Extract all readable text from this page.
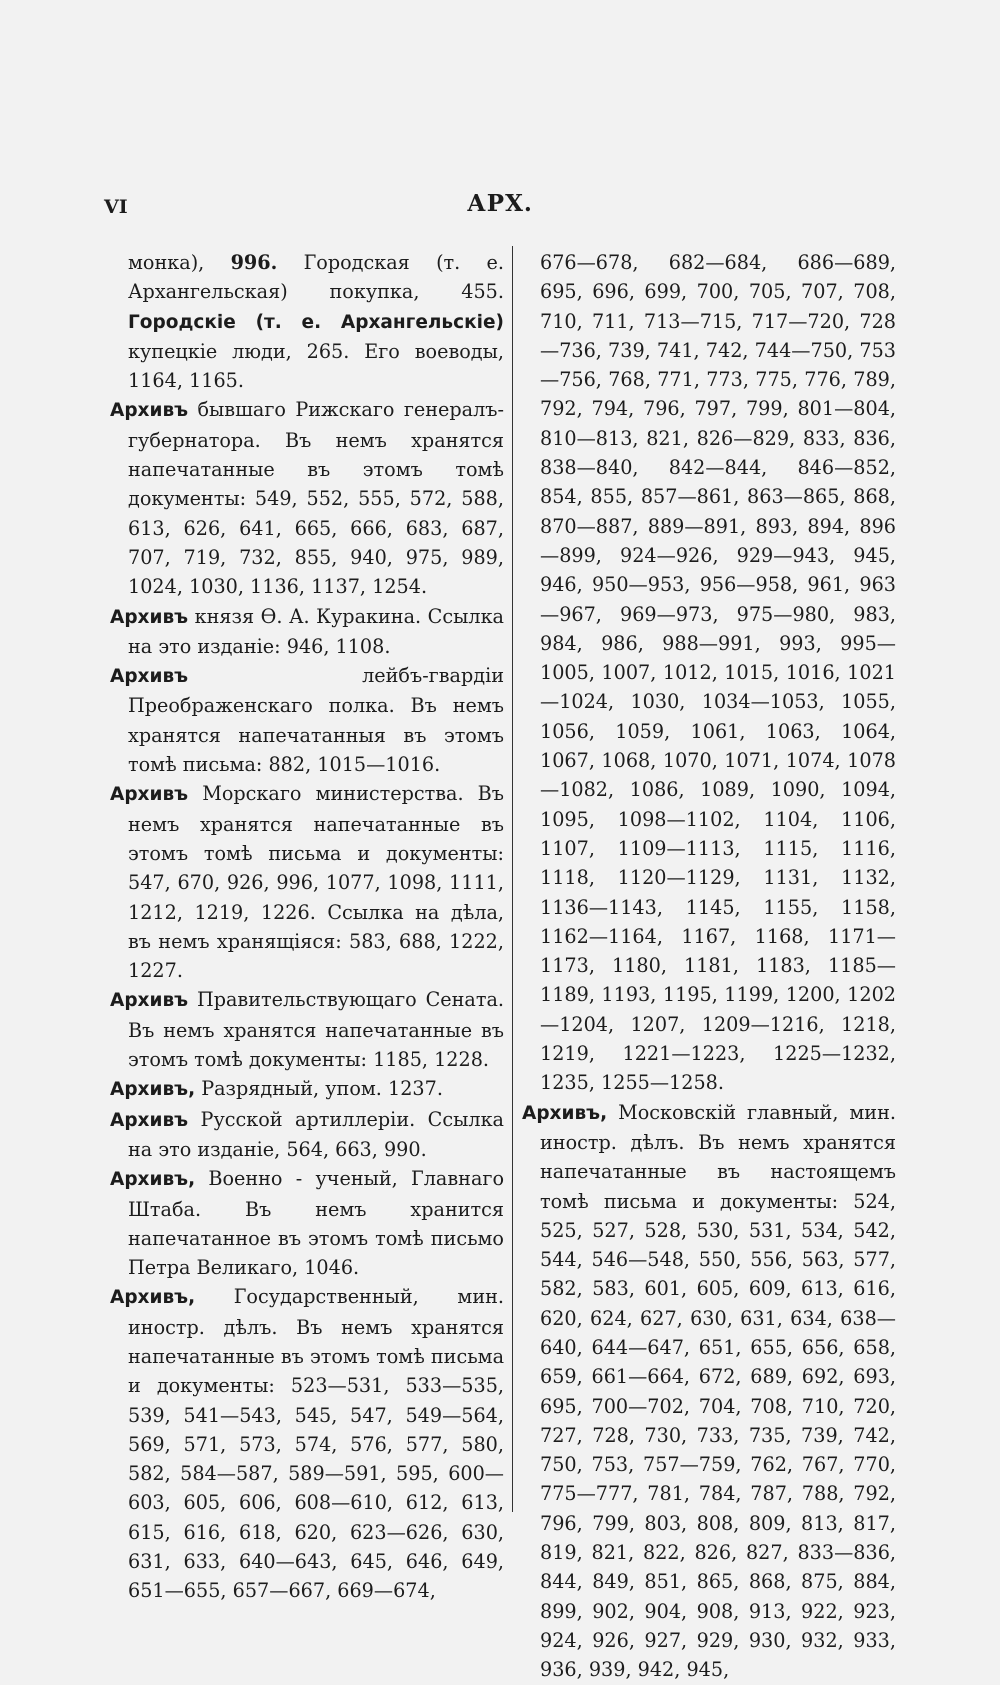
VI	АРХ.

монка), 996. Городская (т. е. Архангельская) покупка, 455. Городскіе (т. е. Архангельскіе) купецкіе люди, 265. Его воеводы, 1164, 1165.

Архивъ бывшаго Рижскаго генералъ-губернатора. Въ немъ хранятся напечатанные въ этомъ томѣ документы: 549, 552, 555, 572, 588, 613, 626, 641, 665, 666, 683, 687, 707, 719, 732, 855, 940, 975, 989, 1024, 1030, 1136, 1137, 1254.

Архивъ князя Ѳ. А. Куракина. Ссылка на это изданіе: 946, 1108.

Архивъ лейбъ-гвардіи Преображенскаго полка. Въ немъ хранятся напечатанныя въ этомъ томѣ письма: 882, 1015—1016.

Архивъ Морскаго министерства. Въ немъ хранятся напечатанные въ этомъ томѣ письма и документы: 547, 670, 926, 996, 1077, 1098, 1111, 1212, 1219, 1226. Ссылка на дѣла, въ немъ хранящіяся: 583, 688, 1222, 1227.

Архивъ Правительствующаго Сената. Въ немъ хранятся напечатанные въ этомъ томѣ документы: 1185, 1228.

Архивъ, Разрядный, упом. 1237.

Архивъ Русской артиллеріи. Ссылка на это изданіе, 564, 663, 990.

Архивъ, Военно - ученый, Главнаго Штаба. Въ немъ хранится напечатанное въ этомъ томѣ письмо Петра Великаго, 1046.

Архивъ, Государственный, мин. иностр. дѣлъ. Въ немъ хранятся напечатанные въ этомъ томѣ письма и документы: 523—531, 533—535, 539, 541—543, 545, 547, 549—564, 569, 571, 573, 574, 576, 577, 580, 582, 584—587, 589—591, 595, 600—603, 605, 606, 608—610, 612, 613, 615, 616, 618, 620, 623—626, 630, 631, 633, 640—643, 645, 646, 649, 651—655, 657—667, 669—674,

676—678, 682—684, 686—689, 695, 696, 699, 700, 705, 707, 708, 710, 711, 713—715, 717—720, 728—736, 739, 741, 742, 744—750, 753—756, 768, 771, 773, 775, 776, 789, 792, 794, 796, 797, 799, 801—804, 810—813, 821, 826—829, 833, 836, 838—840, 842—844, 846—852, 854, 855, 857—861, 863—865, 868, 870—887, 889—891, 893, 894, 896—899, 924—926, 929—943, 945, 946, 950—953, 956—958, 961, 963—967, 969—973, 975—980, 983, 984, 986, 988—991, 993, 995—1005, 1007, 1012, 1015, 1016, 1021—1024, 1030, 1034—1053, 1055, 1056, 1059, 1061, 1063, 1064, 1067, 1068, 1070, 1071, 1074, 1078—1082, 1086, 1089, 1090, 1094, 1095, 1098—1102, 1104, 1106, 1107, 1109—1113, 1115, 1116, 1118, 1120—1129, 1131, 1132, 1136—1143, 1145, 1155, 1158, 1162—1164, 1167, 1168, 1171—1173, 1180, 1181, 1183, 1185—1189, 1193, 1195, 1199, 1200, 1202—1204, 1207, 1209—1216, 1218, 1219, 1221—1223, 1225—1232, 1235, 1255—1258.

Архивъ, Московскій главный, мин. иностр. дѣлъ. Въ немъ хранятся напечатанные въ настоящемъ томѣ письма и документы: 524, 525, 527, 528, 530, 531, 534, 542, 544, 546—548, 550, 556, 563, 577, 582, 583, 601, 605, 609, 613, 616, 620, 624, 627, 630, 631, 634, 638—640, 644—647, 651, 655, 656, 658, 659, 661—664, 672, 689, 692, 693, 695, 700—702, 704, 708, 710, 720, 727, 728, 730, 733, 735, 739, 742, 750, 753, 757—759, 762, 767, 770, 775—777, 781, 784, 787, 788, 792, 796, 799, 803, 808, 809, 813, 817, 819, 821, 822, 826, 827, 833—836, 844, 849, 851, 865, 868, 875, 884, 899, 902, 904, 908, 913, 922, 923, 924, 926, 927, 929, 930, 932, 933, 936, 939, 942, 945,
